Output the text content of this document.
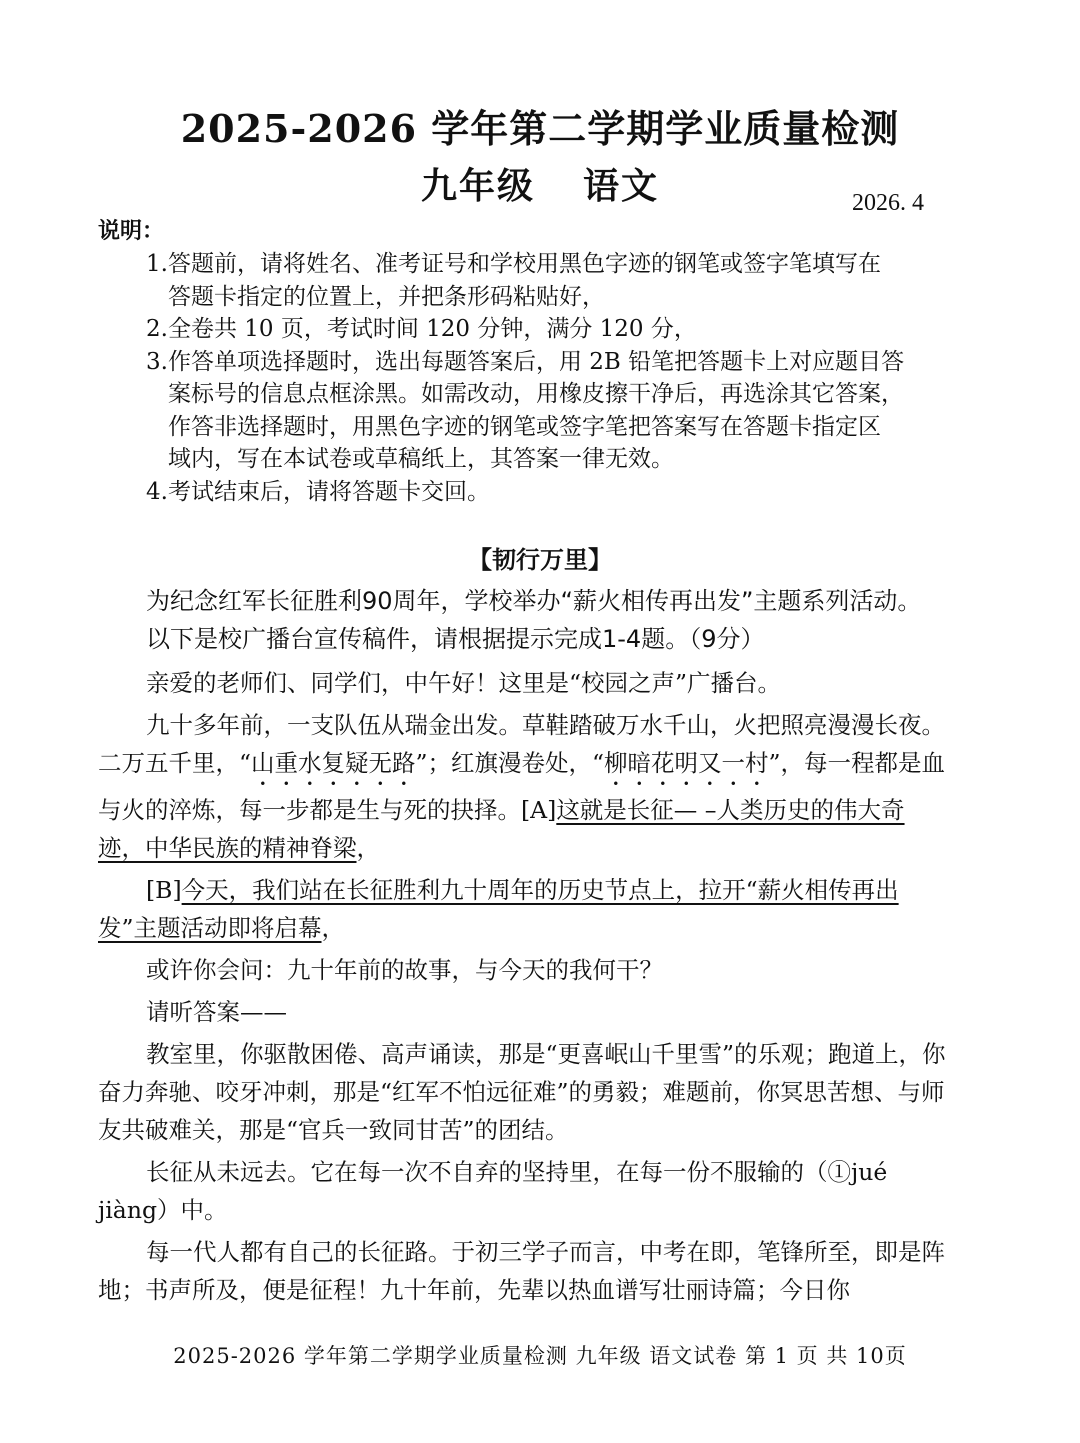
2025-2026 学年第二学期学业质量检测
九年级 语文	2026. 4
说明：
1.答题前，请将姓名、准考证号和学校用黑色字迹的钢笔或签字笔填写在
答题卡指定的位置上，并把条形码粘贴好，
2.全卷共 10 页，考试时间 120 分钟，满分 120 分，
3.作答单项选择题时，选出每题答案后，用 2B 铅笔把答题卡上对应题目答
案标号的信息点框涂黑。如需改动，用橡皮擦干净后，再选涂其它答案，
作答非选择题时，用黑色字迹的钢笔或签字笔把答案写在答题卡指定区
域内，写在本试卷或草稿纸上，其答案一律无效。
4.考试结束后，请将答题卡交回。
【韧行万里】
为纪念红军长征胜利90周年，学校举办“薪火相传再出发”主题系列活动。
以下是校广播台宣传稿件，请根据提示完成1-4题。（9分）

亲爱的老师们、同学们，中午好！这里是“校园之声”广播台。

九十多年前，一支队伍从瑞金出发。草鞋踏破万水千山，火把照亮漫漫长夜。二万五千里，“山重水复疑无路”；红旗漫卷处，“柳暗花明又一村”，每一程都是血与火的淬炼，每一步都是生与死的抉择。[A]这就是长征— –人类历史的伟大奇迹，中华民族的精神脊梁，

[B]今天，我们站在长征胜利九十周年的历史节点上，拉开“薪火相传再出发”主题活动即将启幕，

或许你会问：九十年前的故事，与今天的我何干？

请听答案——

教室里，你驱散困倦、高声诵读，那是“更喜岷山千里雪”的乐观；跑道上，你奋力奔驰、咬牙冲刺，那是“红军不怕远征难”的勇毅；难题前，你冥思苦想、与师友共破难关，那是“官兵一致同甘苦”的团结。

长征从未远去。它在每一次不自弃的坚持里，在每一份不服输的（①jué jiàng）中。

每一代人都有自己的长征路。于初三学子而言，中考在即，笔锋所至，即是阵地；书声所及，便是征程！九十年前，先辈以热血谱写壮丽诗篇；今日你

2025-2026 学年第二学期学业质量检测 九年级 语文试卷 第 1 页 共 10页
